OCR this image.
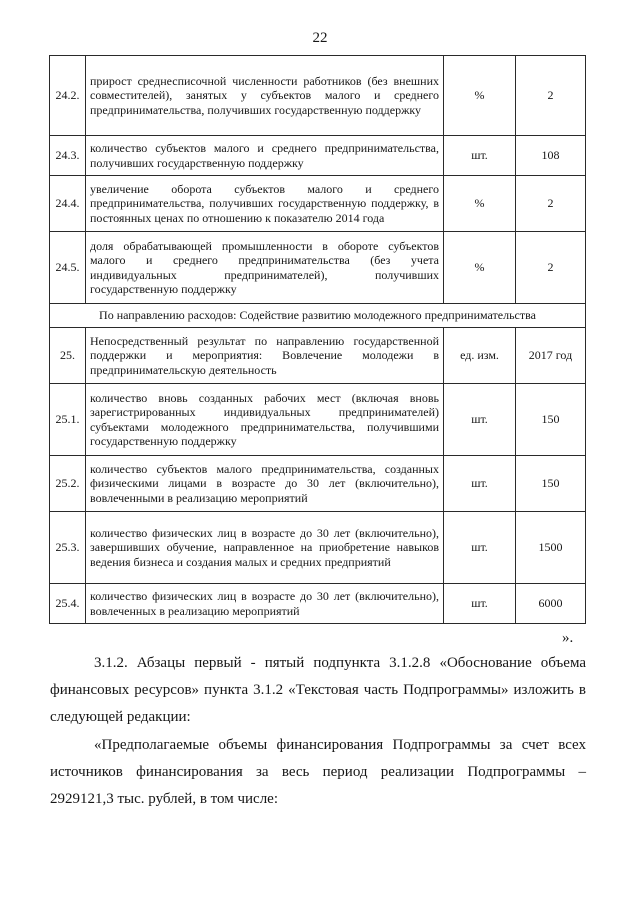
22
24.2.	прирост среднесписочной численности работников (без внешних совместителей), занятых у субъектов малого и среднего предпринимательства, получивших государственную поддержку	%	2
24.3.	количество субъектов малого и среднего предпринимательства, получивших государственную поддержку	шт.	108
24.4.	увеличение оборота субъектов малого и среднего предпринимательства, получивших государственную поддержку, в постоянных ценах по отношению к показателю 2014 года	%	2
24.5.	доля обрабатывающей промышленности в обороте субъектов малого и среднего предпринимательства (без учета индивидуальных предпринимателей), получивших государственную поддержку	%	2
По направлению расходов: Содействие развитию молодежного предпринимательства			
25.	Непосредственный результат по направлению государственной поддержки и мероприятия: Вовлечение молодежи в предпринимательскую деятельность	ед. изм.	2017 год
25.1.	количество вновь созданных рабочих мест (включая вновь зарегистрированных индивидуальных предпринимателей) субъектами молодежного предпринимательства, получившими государственную поддержку	шт.	150
25.2.	количество субъектов малого предпринимательства, созданных физическими лицами в возрасте до 30 лет (включительно), вовлеченными в реализацию мероприятий	шт.	150
25.3.	количество физических лиц в возрасте до 30 лет (включительно), завершивших обучение, направленное на приобретение навыков ведения бизнеса и создания малых и средних предприятий	шт.	1500
25.4.	количество физических лиц в возрасте до 30 лет (включительно), вовлеченных в реализацию мероприятий	шт.	6000
».

3.1.2. Абзацы первый - пятый подпункта 3.1.2.8 «Обоснование объема финансовых ресурсов» пункта 3.1.2 «Текстовая часть Подпрограммы» изложить в следующей редакции:

«Предполагаемые объемы финансирования Подпрограммы за счет всех источников финансирования за весь период реализации Подпрограммы – 2929121,3 тыс. рублей, в том числе:
